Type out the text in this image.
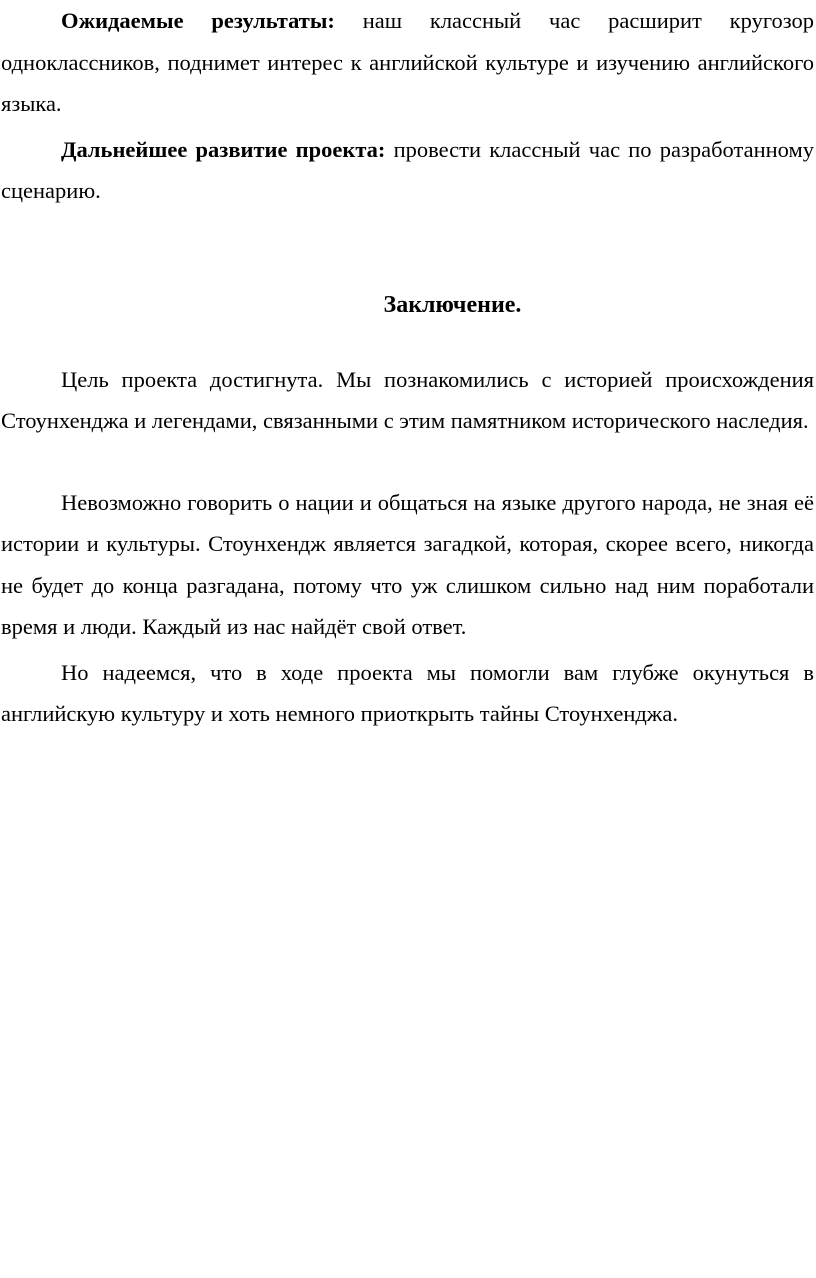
Ожидаемые результаты: наш классный час расширит кругозор одноклассников, поднимет интерес к английской культуре и изучению английского языка.

Дальнейшее развитие проекта: провести классный час по разработанному сценарию.

Заключение.

Цель проекта достигнута. Мы познакомились с историей происхождения Стоунхенджа и легендами, связанными с этим памятником исторического наследия.

Невозможно говорить о нации и общаться на языке другого народа, не зная её истории и культуры. Стоунхендж является загадкой, которая, скорее всего, никогда не будет до конца разгадана, потому что уж слишком сильно над ним поработали время и люди. Каждый из нас найдёт свой ответ.

Но надеемся, что в ходе проекта мы помогли вам глубже окунуться в английскую культуру и хоть немного приоткрыть тайны Стоунхенджа.
